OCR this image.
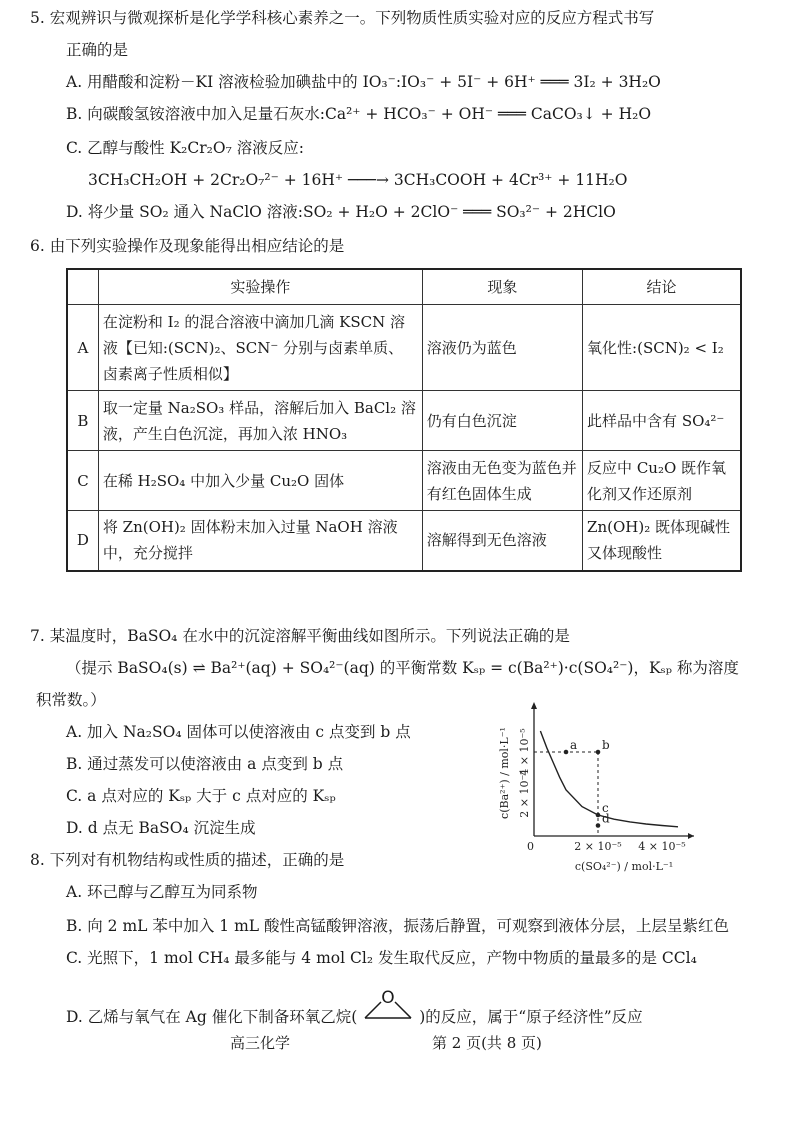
5. 宏观辨识与微观探析是化学学科核心素养之一。下列物质性质实验对应的反应方程式书写
正确的是
A. 用醋酸和淀粉－KI 溶液检验加碘盐中的 IO₃⁻:IO₃⁻ + 5I⁻ + 6H⁺ ═══ 3I₂ + 3H₂O
B. 向碳酸氢铵溶液中加入足量石灰水:Ca²⁺ + HCO₃⁻ + OH⁻ ═══ CaCO₃↓ + H₂O
C. 乙醇与酸性 K₂Cr₂O₇ 溶液反应:
3CH₃CH₂OH + 2Cr₂O₇²⁻ + 16H⁺ ───→ 3CH₃COOH + 4Cr³⁺ + 11H₂O
D. 将少量 SO₂ 通入 NaClO 溶液:SO₂ + H₂O + 2ClO⁻ ═══ SO₃²⁻ + 2HClO
6. 由下列实验操作及现象能得出相应结论的是
	实验操作	现象	结论
A	在淀粉和 I₂ 的混合溶液中滴加几滴 KSCN 溶液【已知:(SCN)₂、SCN⁻ 分别与卤素单质、卤素离子性质相似】	溶液仍为蓝色	氧化性:(SCN)₂ < I₂
B	取一定量 Na₂SO₃ 样品，溶解后加入 BaCl₂ 溶液，产生白色沉淀，再加入浓 HNO₃	仍有白色沉淀	此样品中含有 SO₄²⁻
C	在稀 H₂SO₄ 中加入少量 Cu₂O 固体	溶液由无色变为蓝色并有红色固体生成	反应中 Cu₂O 既作氧化剂又作还原剂
D	将 Zn(OH)₂ 固体粉末加入过量 NaOH 溶液中，充分搅拌	溶解得到无色溶液	Zn(OH)₂ 既体现碱性又体现酸性
7. 某温度时，BaSO₄ 在水中的沉淀溶解平衡曲线如图所示。下列说法正确的是
（提示 BaSO₄(s) ⇌ Ba²⁺(aq) + SO₄²⁻(aq) 的平衡常数 Kₛₚ = c(Ba²⁺)·c(SO₄²⁻)，Kₛₚ 称为溶度
积常数。）
A. 加入 Na₂SO₄ 固体可以使溶液由 c 点变到 b 点
B. 通过蒸发可以使溶液由 a 点变到 b 点
C. a 点对应的 Kₛₚ 大于 c 点对应的 Kₛₚ
D. d 点无 BaSO₄ 沉淀生成
a b
c
d
0	2 × 10⁻⁵ 4 × 10⁻⁵
2 × 10⁻⁵
4 × 10⁻⁵
c(SO₄²⁻) / mol·L⁻¹
c(Ba²⁺) / mol·L⁻¹
8. 下列对有机物结构或性质的描述，正确的是
A. 环己醇与乙醇互为同系物
B. 向 2 mL 苯中加入 1 mL 酸性高锰酸钾溶液，振荡后静置，可观察到液体分层，上层呈紫红色
C. 光照下，1 mol CH₄ 最多能与 4 mol Cl₂ 发生取代反应，产物中物质的量最多的是 CCl₄
D. 乙烯与氧气在 Ag 催化下制备环氧乙烷(
O
)的反应，属于“原子经济性”反应
高三化学	第 2 页(共 8 页)
